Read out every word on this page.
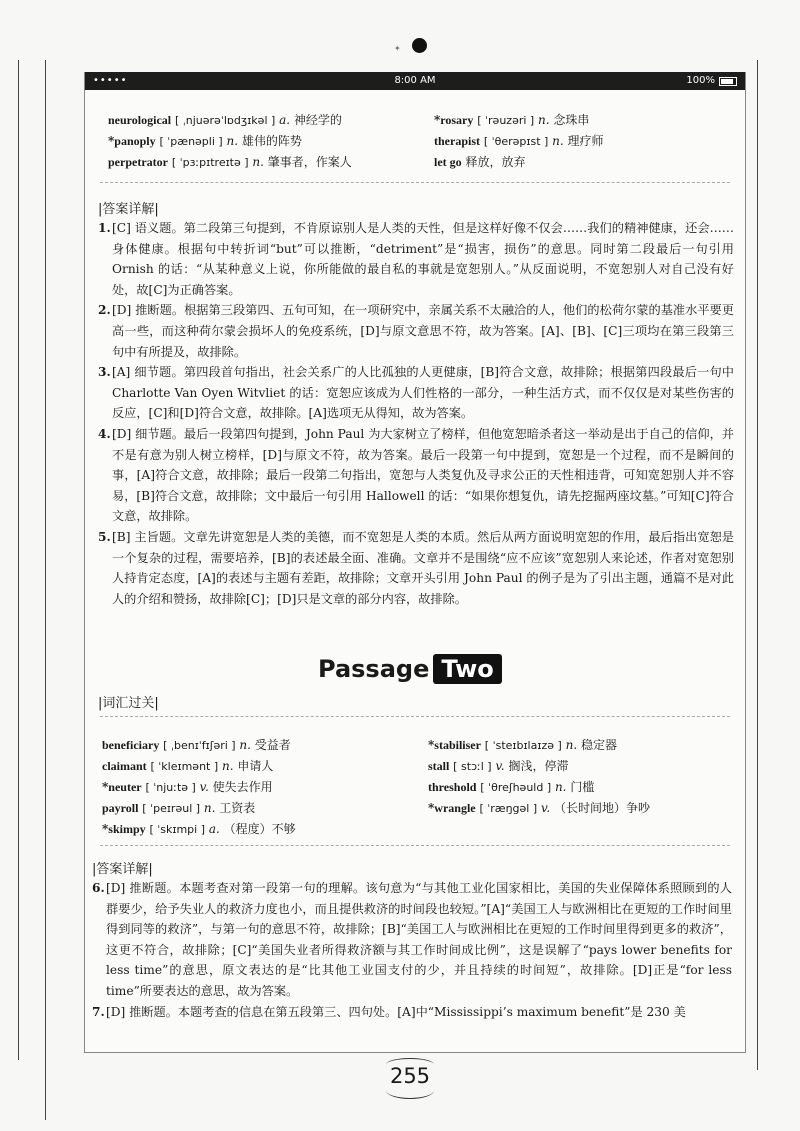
✦
•••••	8:00 AM	100%
neurological [ ˌnjuərəˈlɒdʒɪkəl ] a. 神经学的
*panoply [ ˈpænəpli ] n. 雄伟的阵势
perpetrator [ ˈpɜːpɪtreɪtə ] n. 肇事者，作案人
*rosary [ ˈrəuzəri ] n. 念珠串
therapist [ ˈθerəpɪst ] n. 理疗师
let go 释放，放弃
|答案详解|

1. [C] 语义题。第二段第三句提到，不肯原谅别人是人类的天性，但是这样好像不仅会……我们的精神健康，还会……身体健康。根据句中转折词“but”可以推断，“detriment”是“损害，损伤”的意思。同时第二段最后一句引用 Ornish 的话：“从某种意义上说，你所能做的最自私的事就是宽恕别人。”从反面说明，不宽恕别人对自己没有好处，故[C]为正确答案。

2. [D] 推断题。根据第三段第四、五句可知，在一项研究中，亲属关系不太融洽的人，他们的松荷尔蒙的基准水平要更高一些，而这种荷尔蒙会损坏人的免疫系统，[D]与原文意思不符，故为答案。[A]、[B]、[C]三项均在第三段第三句中有所提及，故排除。

3. [A] 细节题。第四段首句指出，社会关系广的人比孤独的人更健康，[B]符合文意，故排除；根据第四段最后一句中 Charlotte Van Oyen Witvliet 的话：宽恕应该成为人们性格的一部分，一种生活方式，而不仅仅是对某些伤害的反应，[C]和[D]符合文意，故排除。[A]选项无从得知，故为答案。

4. [D] 细节题。最后一段第四句提到，John Paul 为大家树立了榜样，但他宽恕暗杀者这一举动是出于自己的信仰，并不是有意为别人树立榜样，[D]与原文不符，故为答案。最后一段第一句中提到，宽恕是一个过程，而不是瞬间的事，[A]符合文意，故排除；最后一段第二句指出，宽恕与人类复仇及寻求公正的天性相违背，可知宽恕别人并不容易，[B]符合文意，故排除；文中最后一句引用 Hallowell 的话：“如果你想复仇，请先挖掘两座坟墓。”可知[C]符合文意，故排除。

5. [B] 主旨题。文章先讲宽恕是人类的美德，而不宽恕是人类的本质。然后从两方面说明宽恕的作用，最后指出宽恕是一个复杂的过程，需要培养，[B]的表述最全面、准确。文章并不是围绕“应不应该”宽恕别人来论述，作者对宽恕别人持肯定态度，[A]的表述与主题有差距，故排除；文章开头引用 John Paul 的例子是为了引出主题，通篇不是对此人的介绍和赞扬，故排除[C]；[D]只是文章的部分内容，故排除。

Passage Two
|词汇过关|
beneficiary [ ˌbenɪˈfɪʃəri ] n. 受益者
claimant [ ˈkleɪmənt ] n. 申请人
*neuter [ ˈnjuːtə ] v. 使失去作用
payroll [ ˈpeɪrəul ] n. 工资表
*skimpy [ ˈskɪmpi ] a. （程度）不够
*stabiliser [ ˈsteɪbɪlaɪzə ] n. 稳定器
stall [ stɔːl ] v. 搁浅，停滞
threshold [ ˈθreʃhəuld ] n. 门槛
*wrangle [ ˈræŋgəl ] v. （长时间地）争吵
|答案详解|

6. [D] 推断题。本题考查对第一段第一句的理解。该句意为“与其他工业化国家相比，美国的失业保障体系照顾到的人群要少，给予失业人的救济力度也小，而且提供救济的时间段也较短。”[A]“美国工人与欧洲相比在更短的工作时间里得到同等的救济”，与第一句的意思不符，故排除；[B]“美国工人与欧洲相比在更短的工作时间里得到更多的救济”，这更不符合，故排除；[C]“美国失业者所得救济额与其工作时间成比例”，这是误解了“pays lower benefits for less time”的意思，原文表达的是“比其他工业国支付的少，并且持续的时间短”，故排除。[D]正是“for less time”所要表达的意思，故为答案。

7. [D] 推断题。本题考查的信息在第五段第三、四句处。[A]中“Mississippi’s maximum benefit”是 230 美

255
